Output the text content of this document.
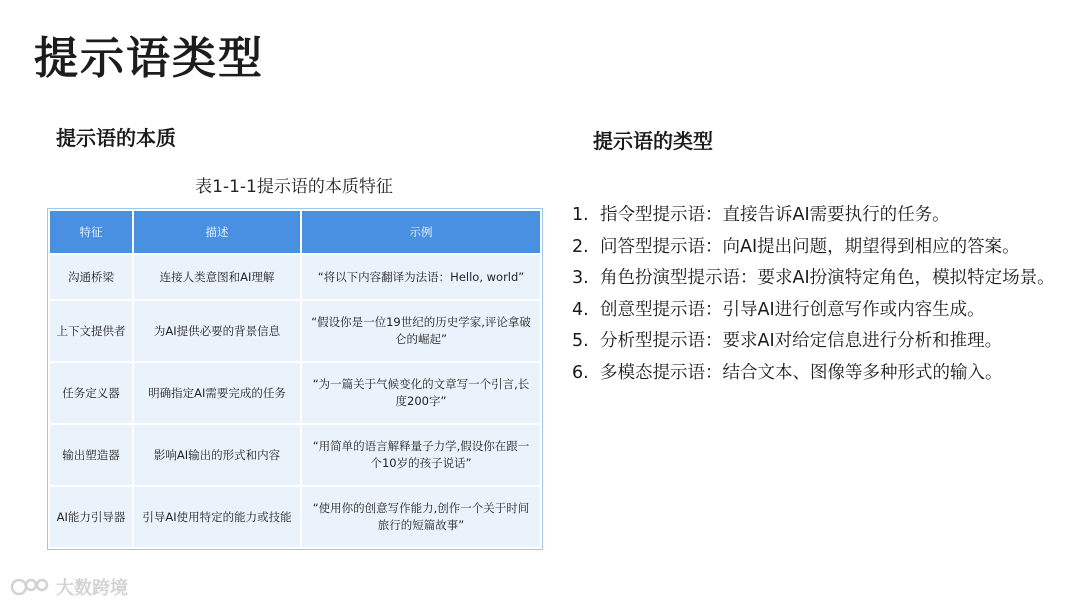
提示语类型
提示语的本质	提示语的类型
表1-1-1提示语的本质特征
特征	描述	示例
沟通桥梁	连接人类意图和AI理解	“将以下内容翻译为法语：Hello, world”
上下文提供者	为AI提供必要的背景信息	“假设你是一位19世纪的历史学家,评论拿破仑的崛起”
任务定义器	明确指定AI需要完成的任务	“为一篇关于气候变化的文章写一个引言,长度200字”
输出塑造器	影响AI输出的形式和内容	“用简单的语言解释量子力学,假设你在跟一个10岁的孩子说话”
AI能力引导器	引导AI使用特定的能力或技能	“使用你的创意写作能力,创作一个关于时间旅行的短篇故事”
1. 指令型提示语：直接告诉AI需要执行的任务。
2. 问答型提示语：向AI提出问题，期望得到相应的答案。
3. 角色扮演型提示语：要求AI扮演特定角色，模拟特定场景。
4. 创意型提示语：引导AI进行创意写作或内容生成。
5. 分析型提示语：要求AI对给定信息进行分析和推理。
6. 多模态提示语：结合文本、图像等多种形式的输入。
大数跨境
